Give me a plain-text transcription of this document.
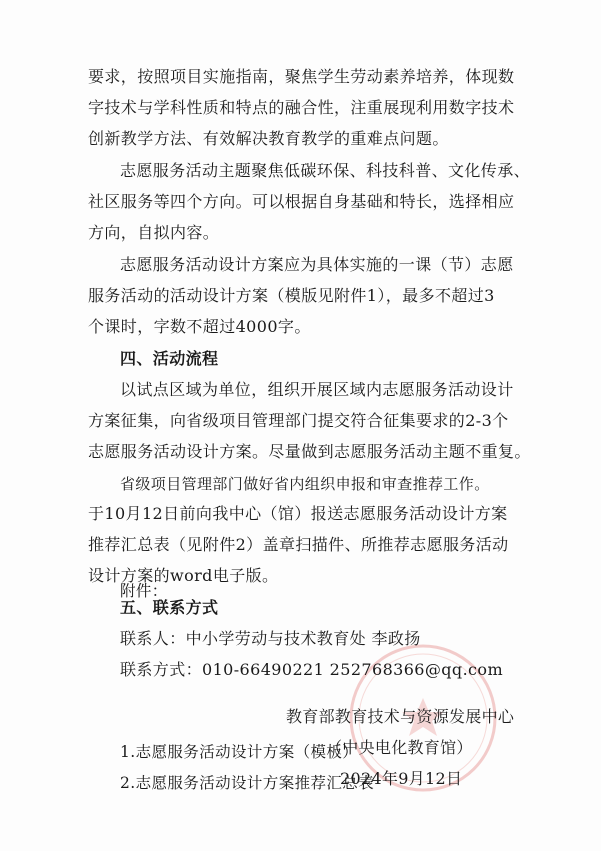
要求，按照项目实施指南，聚焦学生劳动素养培养，体现数
字技术与学科性质和特点的融合性，注重展现利用数字技术
创新教学方法、有效解决教育教学的重难点问题。
志愿服务活动主题聚焦低碳环保、科技科普、文化传承、
社区服务等四个方向。可以根据自身基础和特长，选择相应
方向，自拟内容。
志愿服务活动设计方案应为具体实施的一课（节）志愿
服务活动的活动设计方案（模版见附件1），最多不超过3
个课时，字数不超过4000字。
四、活动流程
以试点区域为单位，组织开展区域内志愿服务活动设计
方案征集，向省级项目管理部门提交符合征集要求的2-3个
志愿服务活动设计方案。尽量做到志愿服务活动主题不重复。
省级项目管理部门做好省内组织申报和审查推荐工作。
于10月12日前向我中心（馆）报送志愿服务活动设计方案
推荐汇总表（见附件2）盖章扫描件、所推荐志愿服务活动
设计方案的word电子版。
五、联系方式
联系人：中小学劳动与技术教育处 李政扬
联系方式：010-66490221 252768366@qq.com
附件：
1.志愿服务活动设计方案（模板）
2.志愿服务活动设计方案推荐汇总表
教育部教育技术与资源发展中心
（中央电化教育馆）
2024年9月12日
